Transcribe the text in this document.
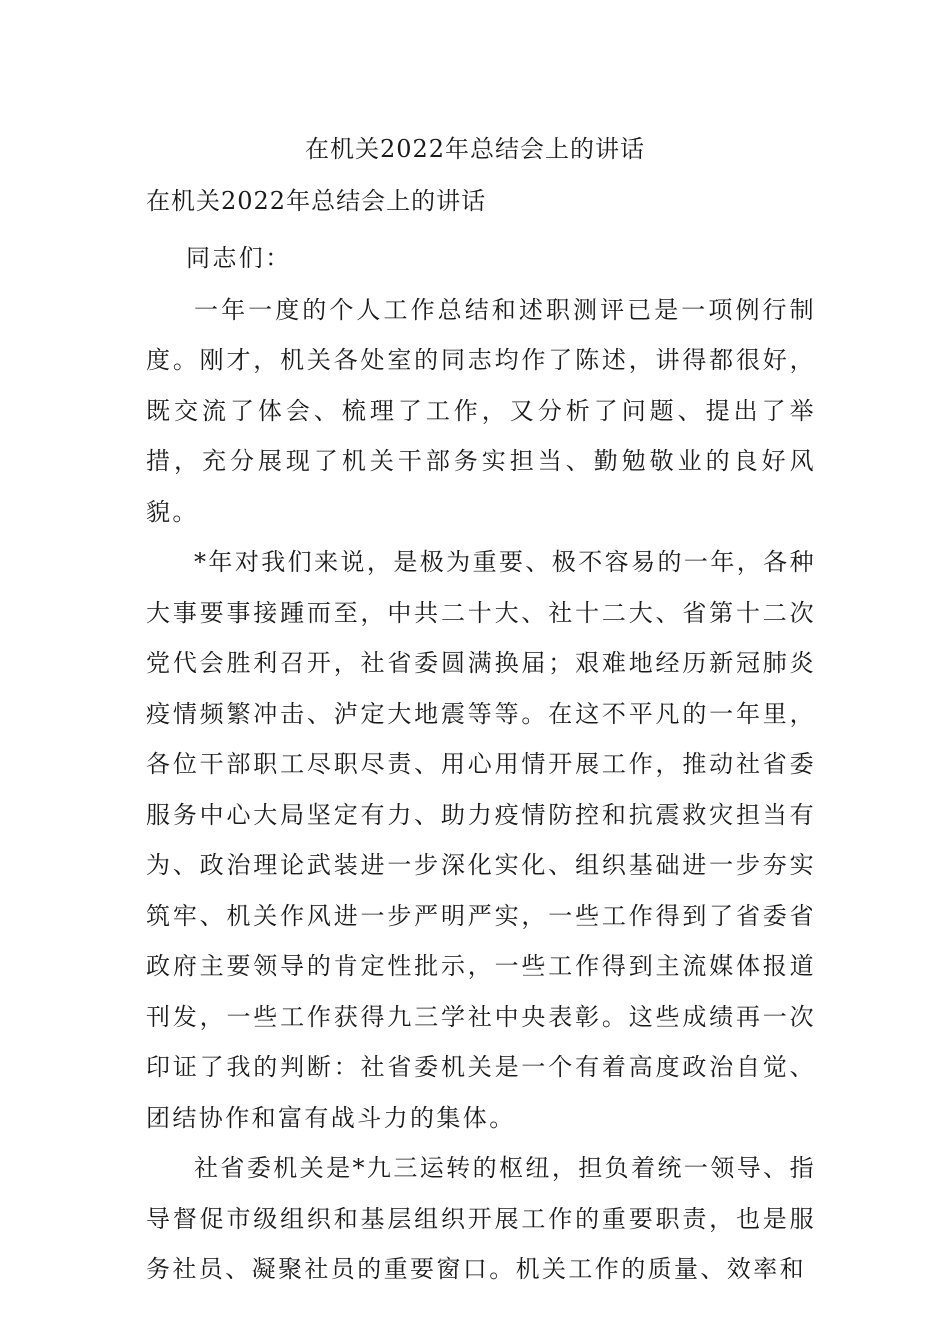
在机关2022年总结会上的讲话
在机关2022年总结会上的讲话

同志们：

一年一度的个人工作总结和述职测评已是一项例行制度。刚才，机关各处室的同志均作了陈述，讲得都很好，既交流了体会、梳理了工作，又分析了问题、提出了举措，充分展现了机关干部务实担当、勤勉敬业的良好风貌。

*年对我们来说，是极为重要、极不容易的一年，各种大事要事接踵而至，中共二十大、社十二大、省第十二次党代会胜利召开，社省委圆满换届；艰难地经历新冠肺炎疫情频繁冲击、泸定大地震等等。在这不平凡的一年里，各位干部职工尽职尽责、用心用情开展工作，推动社省委服务中心大局坚定有力、助力疫情防控和抗震救灾担当有为、政治理论武装进一步深化实化、组织基础进一步夯实筑牢、机关作风进一步严明严实，一些工作得到了省委省政府主要领导的肯定性批示，一些工作得到主流媒体报道刊发，一些工作获得九三学社中央表彰。这些成绩再一次印证了我的判断：社省委机关是一个有着高度政治自觉、团结协作和富有战斗力的集体。

社省委机关是*九三运转的枢纽，担负着统一领导、指导督促市级组织和基层组织开展工作的重要职责，也是服务社员、凝聚社员的重要窗口。机关工作的质量、效率和
